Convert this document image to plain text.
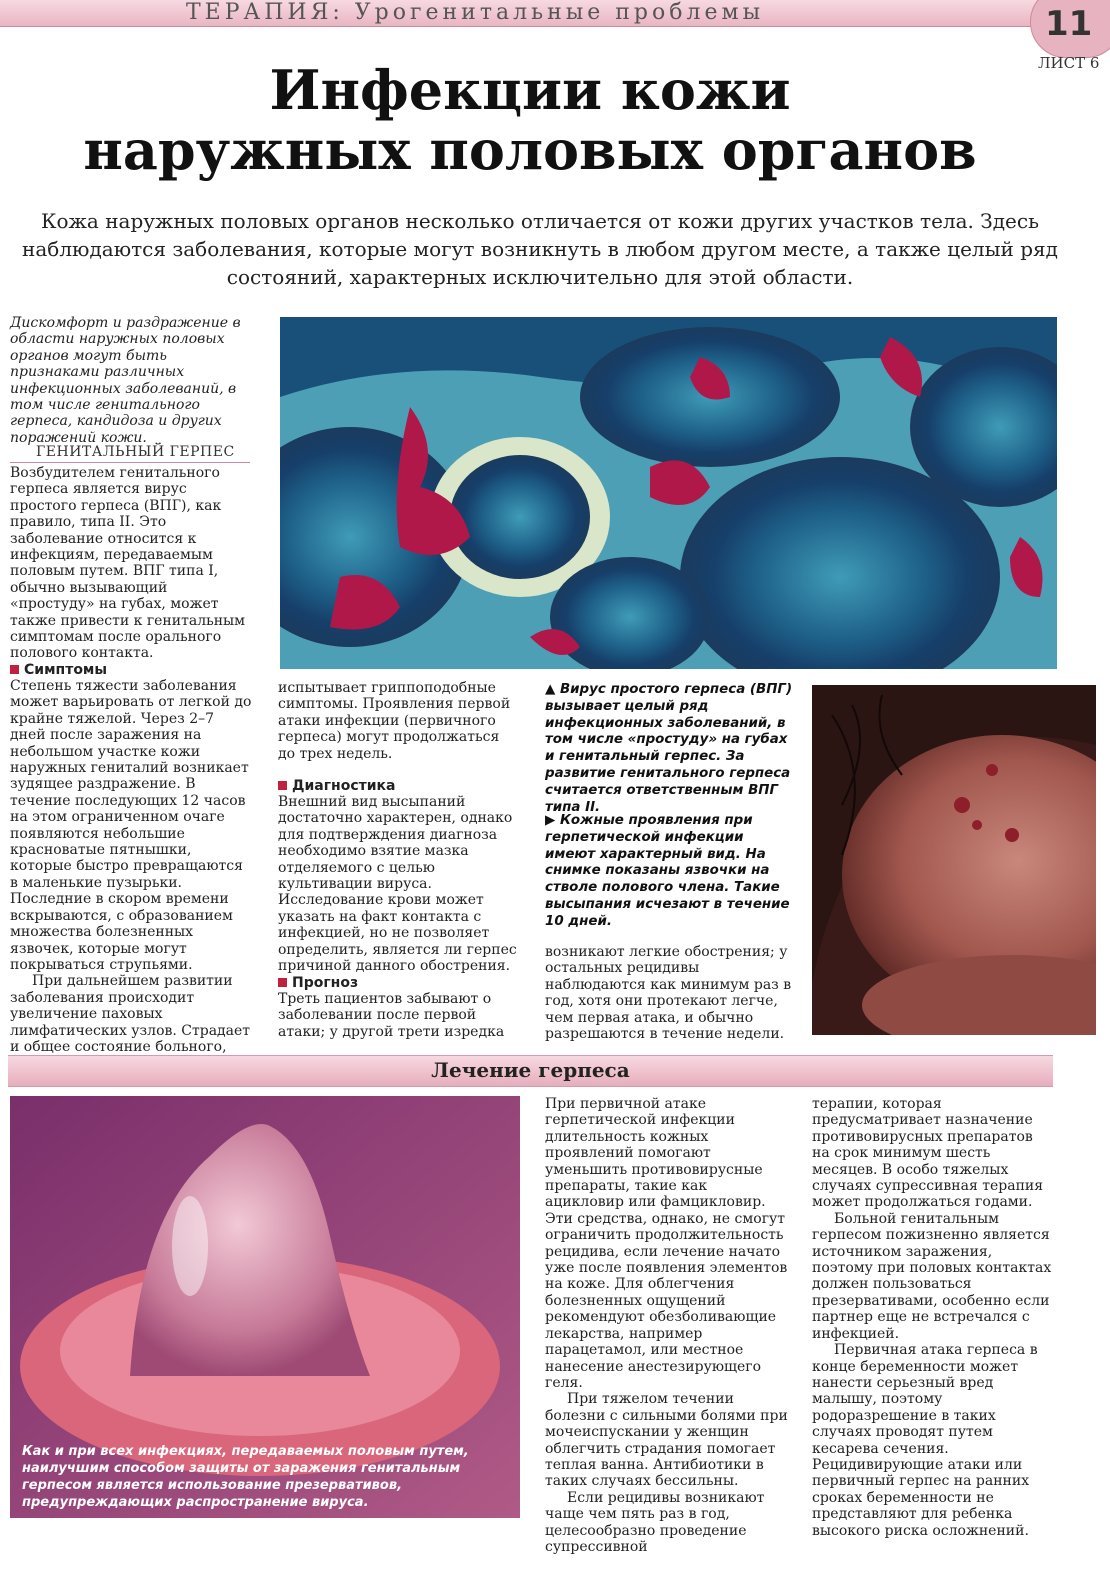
ТЕРАПИЯ: Урогенитальные проблемы	11
ЛИСТ 6
Инфекции кожи
наружных половых органов
Кожа наружных половых органов несколько отличается от кожи других участков тела. Здесь наблюдаются заболевания, которые могут возникнуть в любом другом месте, а также целый ряд состояний, характерных исключительно для этой области.
Дискомфорт и раздражение в области наружных половых органов могут быть признаками различных инфекционных заболеваний, в том числе генитального герпеса, кандидоза и других поражений кожи.
ГЕНИТАЛЬНЫЙ ГЕРПЕС
Возбудителем генитального герпеса является вирус простого герпеса (ВПГ), как правило, типа II. Это заболевание относится к инфекциям, передаваемым половым путем. ВПГ типа I, обычно вызывающий «простуду» на губах, может также привести к генитальным симптомам после орального полового контакта.
Симптомы

Степень тяжести заболевания может варьировать от легкой до крайне тяжелой. Через 2–7 дней после заражения на небольшом участке кожи наружных гениталий возникает зудящее раздражение. В течение последующих 12 часов на этом ограниченном очаге появляются небольшие красноватые пятнышки, которые быстро превращаются в маленькие пузырьки. Последние в скором времени вскрываются, с образованием множества болезненных язвочек, которые могут покрываться струпьями.

При дальнейшем развитии заболевания происходит увеличение паховых лимфатических узлов. Страдает и общее состояние больного,

испытывает гриппоподобные симптомы. Проявления первой атаки инфекции (первичного герпеса) могут продолжаться до трех недель.
Диагностика

Внешний вид высыпаний достаточно характерен, однако для подтверждения диагноза необходимо взятие мазка отделяемого с целью культивации вируса. Исследование крови может указать на факт контакта с инфекцией, но не позволяет определить, является ли герпес причиной данного обострения.

Прогноз

Треть пациентов забывают о заболевании после первой атаки; у другой трети изредка

▲ Вирус простого герпеса (ВПГ) вызывает целый ряд инфекционных заболеваний, в том числе «простуду» на губах и генитальный герпес. За развитие генитального герпеса считается ответственным ВПГ типа II.
▶ Кожные проявления при герпетической инфекции имеют характерный вид. На снимке показаны язвочки на стволе полового члена. Такие высыпания исчезают в течение 10 дней.
возникают легкие обострения; у остальных рецидивы наблюдаются как минимум раз в год, хотя они протекают легче, чем первая атака, и обычно разрешаются в течение недели.
Лечение герпеса
Как и при всех инфекциях, передаваемых половым путем, наилучшим способом защиты от заражения генитальным герпесом является использование презервативов, предупреждающих распространение вируса.

При первичной атаке герпетической инфекции длительность кожных проявлений помогают уменьшить противовирусные препараты, такие как ацикловир или фамцикловир. Эти средства, однако, не смогут ограничить продолжительность рецидива, если лечение начато уже после появления элементов на коже. Для облегчения болезненных ощущений рекомендуют обезболивающие лекарства, например парацетамол, или местное нанесение анестезирующего геля.

При тяжелом течении болезни с сильными болями при мочеиспускании у женщин облегчить страдания помогает теплая ванна. Антибиотики в таких случаях бессильны.

Если рецидивы возникают чаще чем пять раз в год, целесообразно проведение супрессивной

терапии, которая предусматривает назначение противовирусных препаратов на срок минимум шесть месяцев. В особо тяжелых случаях супрессивная терапия может продолжаться годами.

Больной генитальным герпесом пожизненно является источником заражения, поэтому при половых контактах должен пользоваться презервативами, особенно если партнер еще не встречался с инфекцией.

Первичная атака герпеса в конце беременности может нанести серьезный вред малышу, поэтому родоразрешение в таких случаях проводят путем кесарева сечения. Рецидивирующие атаки или первичный герпес на ранних сроках беременности не представляют для ребенка высокого риска осложнений.
